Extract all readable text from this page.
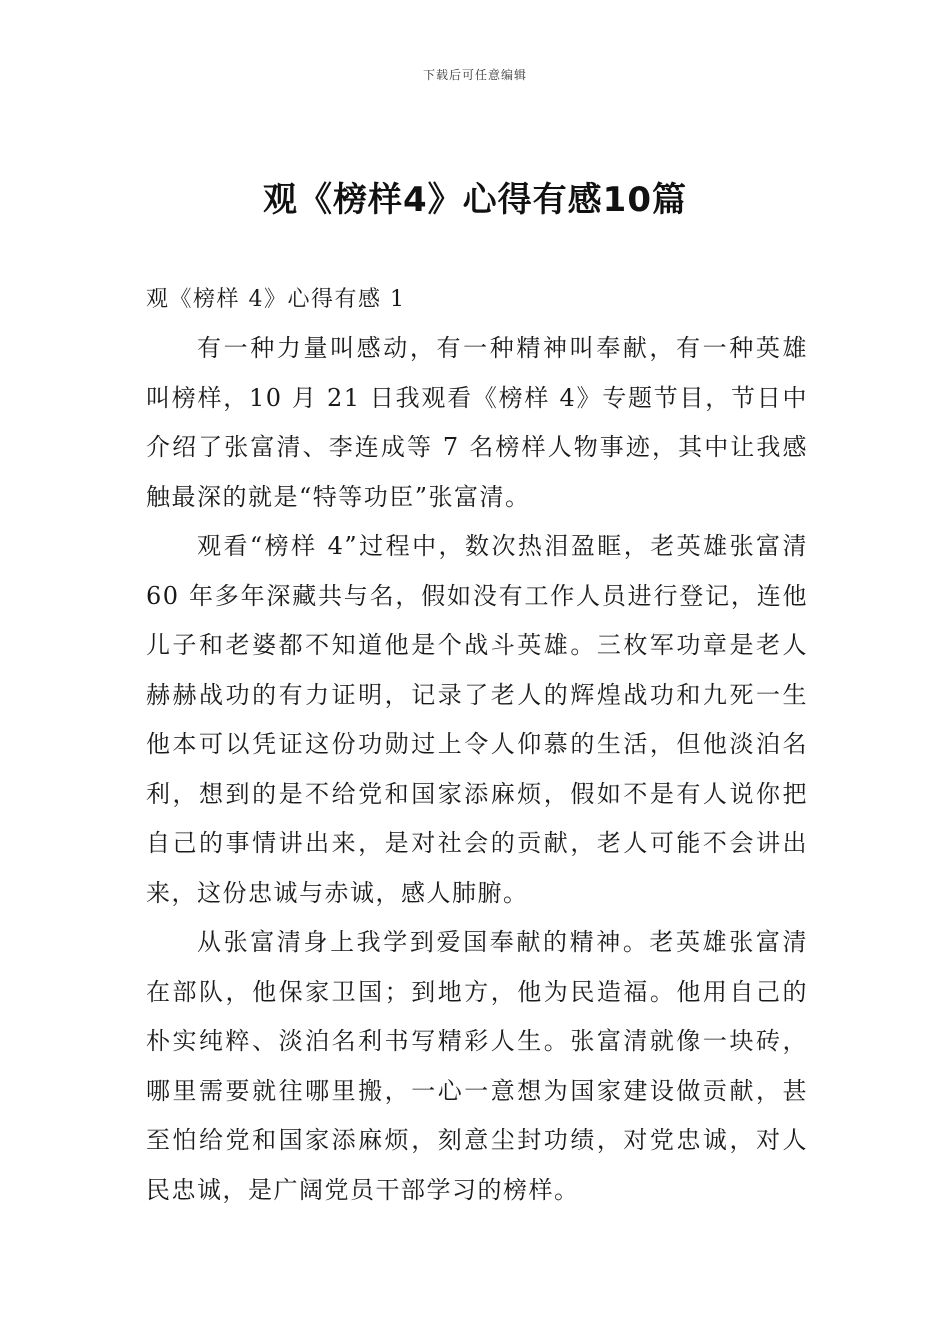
下载后可任意编辑
观《榜样4》心得有感10篇

观《榜样 4》心得有感 1

有一种力量叫感动，有一种精神叫奉献，有一种英雄叫榜样，10 月 21 日我观看《榜样 4》专题节目，节日中介绍了张富清、李连成等 7 名榜样人物事迹，其中让我感触最深的就是“特等功臣”张富清。

观看“榜样 4”过程中，数次热泪盈眶，老英雄张富清 60 年多年深藏共与名，假如没有工作人员进行登记，连他儿子和老婆都不知道他是个战斗英雄。三枚军功章是老人赫赫战功的有力证明，记录了老人的辉煌战功和九死一生他本可以凭证这份功勋过上令人仰慕的生活，但他淡泊名利，想到的是不给党和国家添麻烦，假如不是有人说你把自己的事情讲出来，是对社会的贡献，老人可能不会讲出来，这份忠诚与赤诚，感人肺腑。

从张富清身上我学到爱国奉献的精神。老英雄张富清在部队，他保家卫国；到地方，他为民造福。他用自己的朴实纯粹、淡泊名利书写精彩人生。张富清就像一块砖，哪里需要就往哪里搬，一心一意想为国家建设做贡献，甚至怕给党和国家添麻烦，刻意尘封功绩，对党忠诚，对人民忠诚，是广阔党员干部学习的榜样。
